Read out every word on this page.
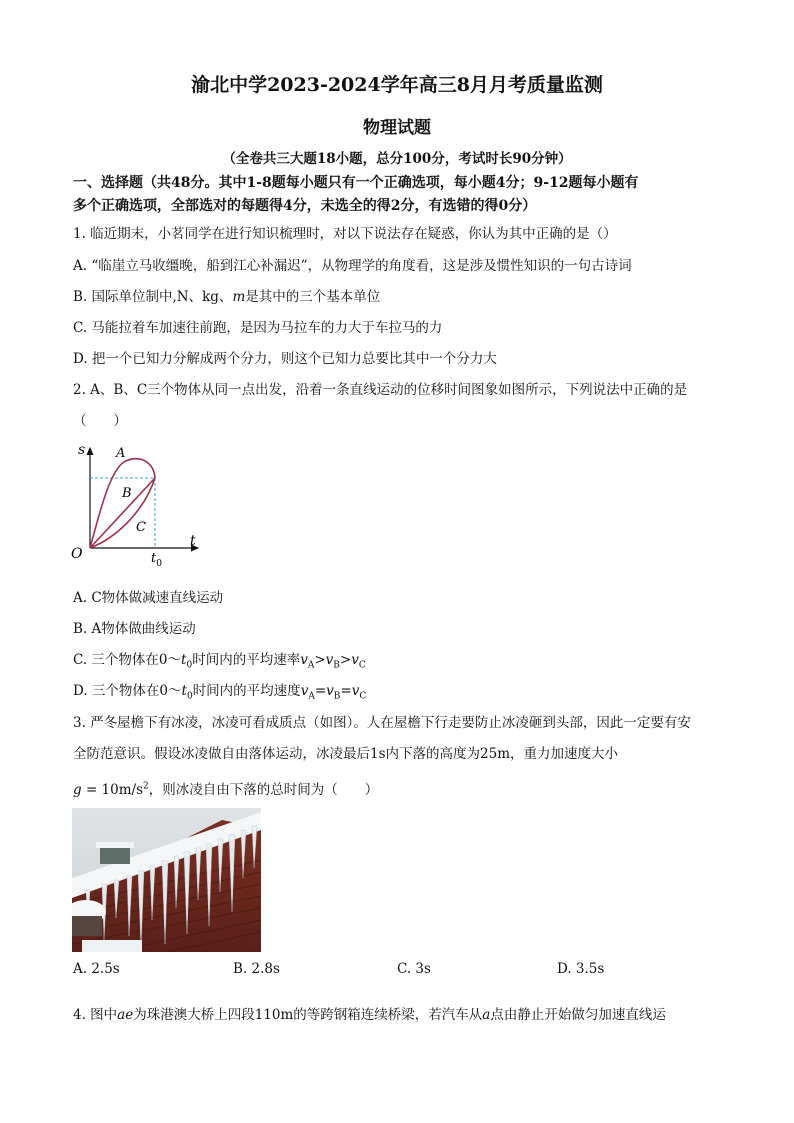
渝北中学2023-2024学年高三8月月考质量监测
物理试题
（全卷共三大题18小题，总分100分，考试时长90分钟）
一、选择题（共48分。其中1-8题每小题只有一个正确选项，每小题4分；9-12题每小题有
多个正确选项，全部选对的每题得4分，未选全的得2分，有选错的得0分）
1. 临近期末，小茗同学在进行知识梳理时，对以下说法存在疑惑，你认为其中正确的是（）
A. “临崖立马收缰晚，船到江心补漏迟”，从物理学的角度看，这是涉及惯性知识的一句古诗词
B. 国际单位制中,N、kg、m是其中的三个基本单位
C. 马能拉着车加速往前跑，是因为马拉车的力大于车拉马的力
D. 把一个已知力分解成两个分力，则这个已知力总要比其中一个分力大
2. A、B、C三个物体从同一点出发，沿着一条直线运动的位移时间图象如图所示，下列说法中正确的是
（　　）
s
t
O	$t_0$
A
B
C
A. C物体做减速直线运动
B. A物体做曲线运动
C. 三个物体在$0\sim t_0$时间内的平均速率$v_A>v_B>v_C$
D. 三个物体在$0\sim t_0$时间内的平均速度$v_A=v_B=v_C$
3. 严冬屋檐下有冰凌，冰凌可看成质点（如图）。人在屋檐下行走要防止冰凌砸到头部，因此一定要有安
全防范意识。假设冰凌做自由落体运动，冰凌最后1s内下落的高度为25m，重力加速度大小
$g = 10m/s^2$，则冰凌自由下落的总时间为（　　）
A. 2.5s	B. 2.8s	C. 3s	D. 3.5s
4. 图中ae为珠港澳大桥上四段110m的等跨钢箱连续桥梁，若汽车从a点由静止开始做匀加速直线运
